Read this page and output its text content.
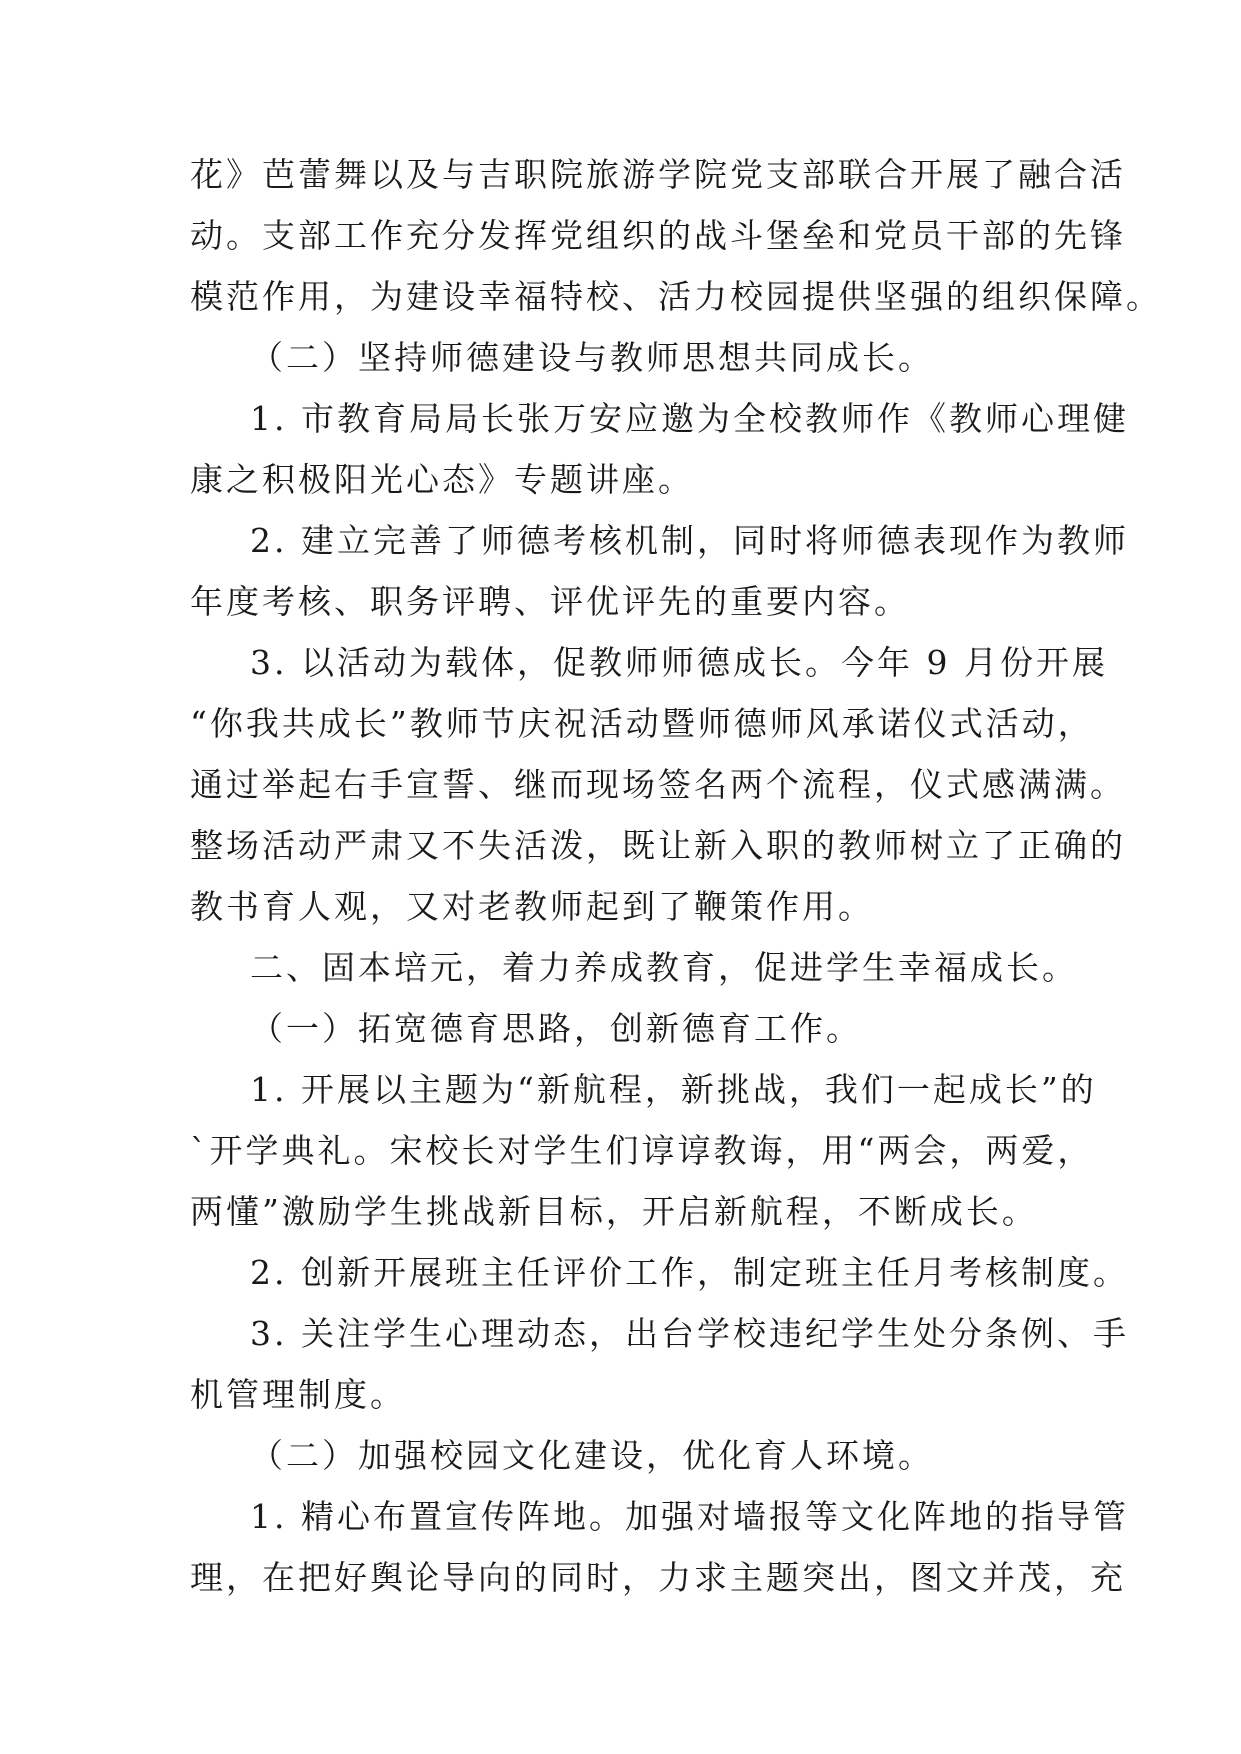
花》芭蕾舞以及与吉职院旅游学院党支部联合开展了融合活
动。支部工作充分发挥党组织的战斗堡垒和党员干部的先锋
模范作用，为建设幸福特校、活力校园提供坚强的组织保障。
（二）坚持师德建设与教师思想共同成长。
1. 市教育局局长张万安应邀为全校教师作《教师心理健
康之积极阳光心态》专题讲座。
2. 建立完善了师德考核机制，同时将师德表现作为教师
年度考核、职务评聘、评优评先的重要内容。
3. 以活动为载体，促教师师德成长。今年 9 月份开展
“你我共成长”教师节庆祝活动暨师德师风承诺仪式活动，
通过举起右手宣誓、继而现场签名两个流程，仪式感满满。
整场活动严肃又不失活泼，既让新入职的教师树立了正确的
教书育人观，又对老教师起到了鞭策作用。
二、固本培元，着力养成教育，促进学生幸福成长。
（一）拓宽德育思路，创新德育工作。
1. 开展以主题为“新航程，新挑战，我们一起成长”的
`开学典礼。宋校长对学生们谆谆教诲，用“两会，两爱，
两懂”激励学生挑战新目标，开启新航程，不断成长。
2. 创新开展班主任评价工作，制定班主任月考核制度。
3. 关注学生心理动态，出台学校违纪学生处分条例、手
机管理制度。
（二）加强校园文化建设，优化育人环境。
1. 精心布置宣传阵地。加强对墙报等文化阵地的指导管
理，在把好舆论导向的同时，力求主题突出，图文并茂，充
